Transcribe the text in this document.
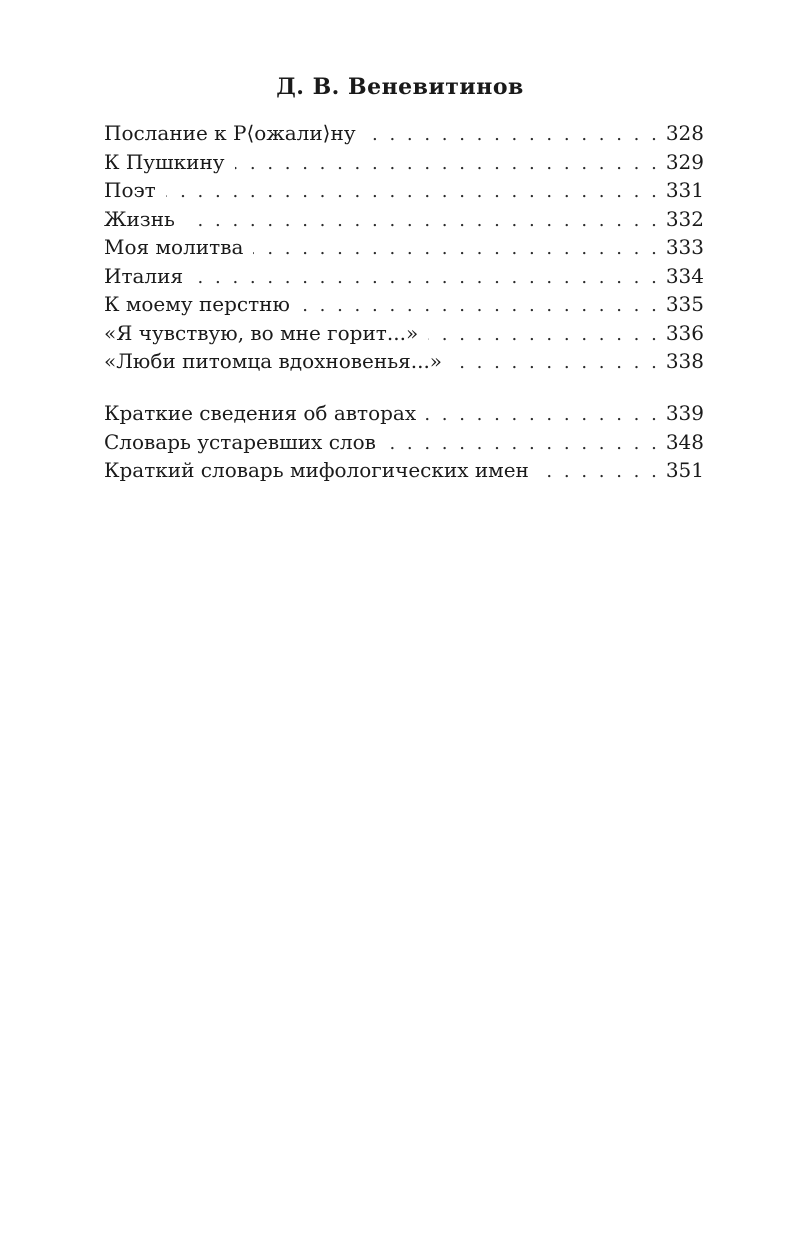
Д. В. Веневитинов
Послание к Р⟨ожали⟩ну . . .	328
К Пушкину . . .	329
Поэт . . .	331
Жизнь . . .	332
Моя молитва . . .	333
Италия . . .	334
К моему перстню . . .	335
«Я чувствую, во мне горит...» . . .	336
«Люби питомца вдохновенья...» . . .	338
Краткие сведения об авторах . . .	339
Словарь устаревших слов . . .	348
Краткий словарь мифологических имен . . .	351
